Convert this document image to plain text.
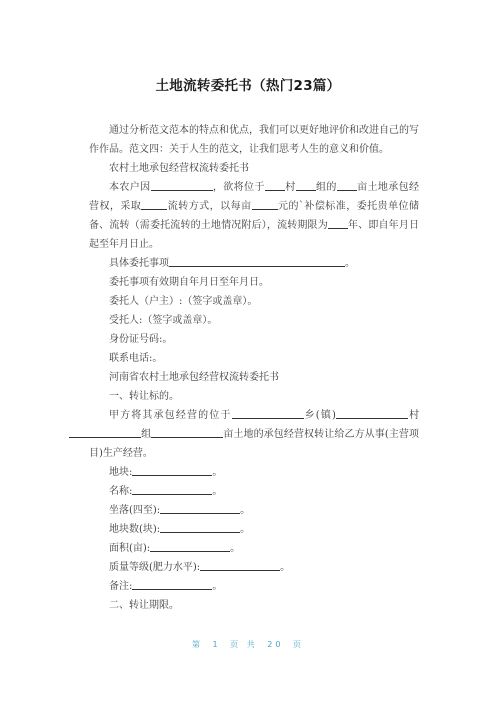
土地流转委托书（热门23篇）

通过分析范文范本的特点和优点，我们可以更好地评价和改进自己的写作作品。范文四：关于人生的范文，让我们思考人生的意义和价值。

农村土地承包经营权流转委托书

本农户因	，欲将位于 村 组的 亩土地承包经营权，采取	流转方式，以每亩	元的`补偿标准，委托贵单位储备、流转（需委托流转的土地情况附后），流转期限为 年、即自年月日起至年月日止。

具体委托事项	。

委托事项有效期自年月日至年月日。

委托人（户主）:（签字或盖章）。

受托人:（签字或盖章）。

身份证号码:。

联系电话:。

河南省农村土地承包经营权流转委托书

一、转让标的。

甲方将其承包经营的位于	乡(镇)	村组	亩土地的承包经营权转让给乙方从事(主营项目)生产经营。

地块:	。

名称:	。

坐落(四至):	。

地块数(块):	。

面积(亩):	。

质量等级(肥力水平):	。

备注:	。

二、转让期限。

第 1 页 共 20 页
